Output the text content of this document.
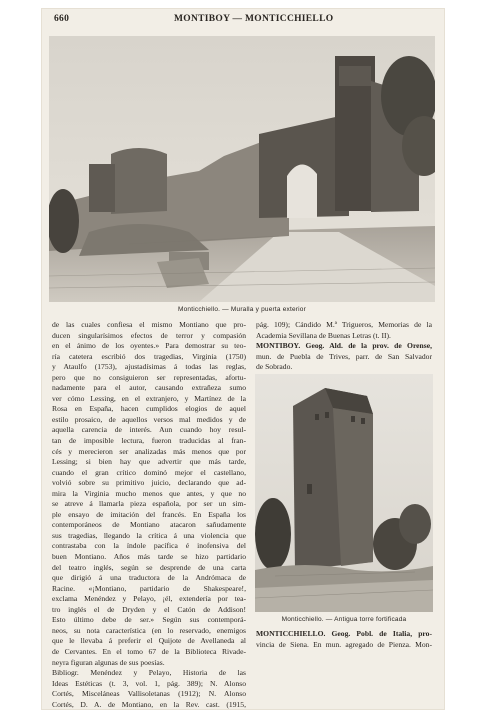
660	MONTIBOY — MONTICCHIELLO
Monticchiello. — Muralla y puerta exterior
Monticchiello. — Antigua torre fortificada
de las cuales confiesa el mismo Montiano que pro-
ducen singularísimos efectos de terror y compasión
en el ánimo de los oyentes.» Para demostrar su teo-
ría catetera escribió dos tragedias, Virginia (1750)
y Ataulfo (1753), ajustadísimas á todas las reglas,
pero que no consiguieron ser representadas, afortu-
nadamente para el autor, causando extrañeza sumo
ver cómo Lessing, en el extranjero, y Martínez de la
Rosa en España, hacen cumplidos elogios de aquel
estilo prosaico, de aquellos versos mal medidos y de
aquella carencia de interés. Aun cuando hoy resul-
tan de imposible lectura, fueron traducidas al fran-
cés y merecieron ser analizadas más menos que por
Lessing; si bien hay que advertir que más tarde,
cuando el gran crítico dominó mejor el castellano,
volvió sobre su primitivo juicio, declarando que ad-
mira la Virginia mucho menos que antes, y que no
se atreve á llamarla pieza española, por ser un sim-
ple ensayo de imitación del francés. En España los
contemporáneos de Montiano atacaron sañudamente
sus tragedias, llegando la crítica á una violencia que
contrastaba con la índole pacífica é inofensiva del
buen Montiano. Años más tarde se hizo partidario
del teatro inglés, según se desprende de una carta
que dirigió á una traductora de la Andrómaca de
Racine. «¡Montiano, partidario de Shakespeare!,
exclama Menéndez y Pelayo, ¡él, extendería por tea-
tro inglés el de Dryden y el Catón de Addison!
Esto último debe de ser.» Según sus contemporá-
neos, su nota característica (en lo reservado, enemigos
que le llevaba á preferir el Quijote de Avellaneda al
de Cervantes. En el tomo 67 de la Biblioteca Rivade-
neyra figuran algunas de sus poesías.
Bibliogr. Menéndez y Pelayo, Historia de las
Ideas Estéticas (t. 3, vol. 1, pág. 389); N. Alonso
Cortés, Misceláneas Vallisoletanas (1912); N. Alonso
Cortés, D. A. de Montiano, en la Rev. cast. (1915,
pág. 109); Cándido M.ª Trigueros, Memorias de la
Academia Sevillana de Buenas Letras (t. II).
MONTIBOY. Geog. Ald. de la prov. de Orense,
mun. de Puebla de Trives, parr. de San Salvador
de Sobrado.
MONTICCHIELLO. Geog. Pobl. de Italia, pro-
vincia de Siena. En mun. agregado de Pienza. Mon-
